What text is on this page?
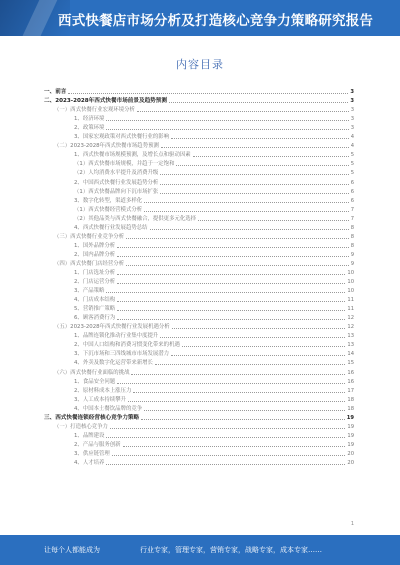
西式快餐店市场分析及打造核心竞争力策略研究报告
内容目录
一、前言	3
二、2023-2028年西式快餐市场前景及趋势预测	3
（一）西式快餐行业宏观环境分析	3
1、经济环境	3
2、政策环境	3
3、国家宏观政策对西式快餐行业的影响	4
（二）2023-2028年西式快餐市场趋势预测	4
1、西式快餐市场规模预测，及增长点和驱动因素	5
（1）西式快餐市场规模，并趋于一定饱和	5
（2）人均消费水平提升及消费升级	5
2、中国西式快餐行业发展趋势分析	6
（1）西式快餐品牌向下沉市场扩张	6
3、数字化转型，渠道多样化	6
（1）西式快餐经营模式分析	7
（2）其他品类与西式快餐融合，提供更多元化选择	7
4、西式快餐行业发展趋势总结	8
（三）西式快餐行业竞争分析	8
1、国外品牌分析	8
2、国内品牌分析	9
（四）西式快餐门店经营分析	9
1、门店选址分析	10
2、门店运营分析	10
3、产品策略	10
4、门店成本结构	11
5、营销推广策略	11
6、顾客消费行为	12
（五）2023-2028年西式快餐行业发展机遇分析	12
1、品牌连锁化推动行业集中度提升	13
2、中国人口结构和消费习惯变化带来的机遇	13
3、下沉市场和三四线城市市场发展潜力	14
4、外卖及数字化运营带来新增长	15
（六）西式快餐行业面临的挑战	16
1、食品安全问题	16
2、原材料成本上涨压力	17
3、人工成本持续攀升	18
4、中国本土餐饮品牌的竞争	18
三、西式快餐连锁经营核心竞争力策略	19
（一）打造核心竞争力	19
1、品牌建设	19
2、产品与服务创新	19
3、供应链管理	20
4、人才培养	20
1
让每个人都能成为	行业专家，管理专家，营销专家，战略专家，成本专家……
